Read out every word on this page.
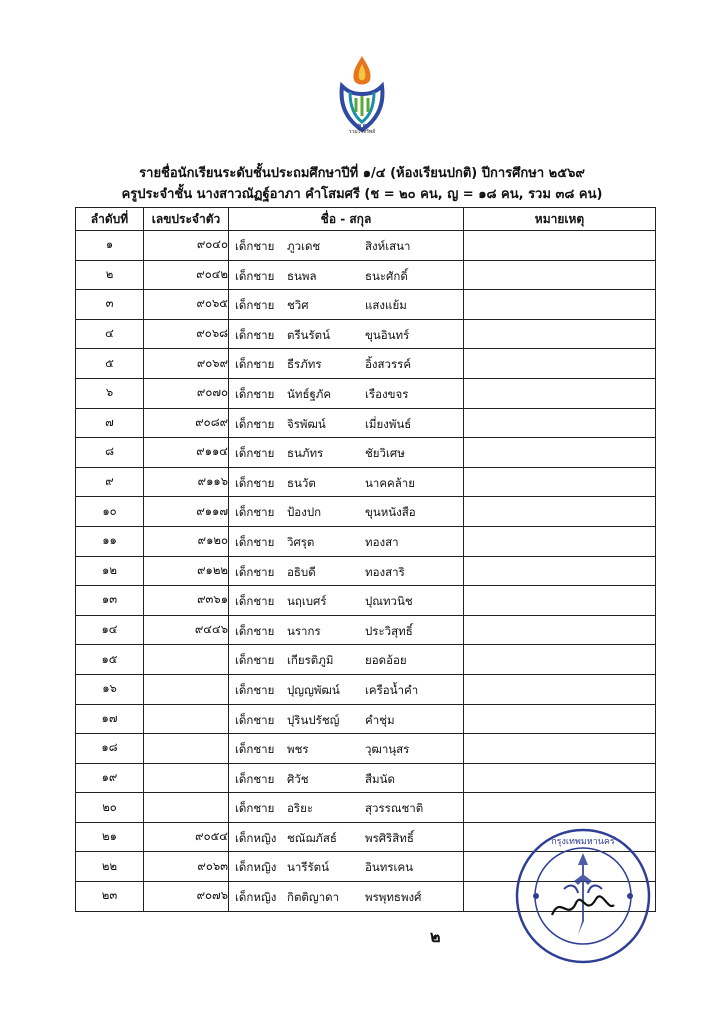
๑๑
รวมไว้ทรัพย์
รายชื่อนักเรียนระดับชั้นประถมศึกษาปีที่ ๑/๔ (ห้องเรียนปกติ) ปีการศึกษา ๒๕๖๙
ครูประจำชั้น นางสาวณัฏฐ์อาภา คำโสมศรี (ช = ๒๐ คน, ญ = ๑๘ คน, รวม ๓๘ คน)
ลำดับที่	เลขประจำตัว	ชื่อ - สกุล	หมายเหตุ
๑	๙๐๔๐	เด็กชาย ภูวเดช สิงห์เสนา	

๒	๙๐๔๒	เด็กชาย ธนพล ธนะศักดิ์	

๓	๙๐๖๕	เด็กชาย ชวิศ แสงแย้ม	

๔	๙๐๖๘	เด็กชาย ตรีนรัตน์ ขุนอินทร์	

๕	๙๐๖๙	เด็กชาย ธีรภัทร อิ้งสวรรค์	

๖	๙๐๗๐	เด็กชาย นัทธ์ฐภัค เรืองขจร	

๗	๙๐๘๙	เด็กชาย จิรพัฒน์ เมี่ยงพันธ์	

๘	๙๑๑๔	เด็กชาย ธนภัทร ชัยวิเศษ	

๙	๙๑๑๖	เด็กชาย ธนวัต นาคคล้าย	

๑๐	๙๑๑๗	เด็กชาย ป้องปก ขุนหนังสือ	

๑๑	๙๑๒๐	เด็กชาย วิศรุต ทองสา	

๑๒	๙๑๒๒	เด็กชาย อธิบดี ทองสาริ	

๑๓	๙๓๖๑	เด็กชาย นฤเบศร์ ปุณทวนิช	

๑๔	๙๔๔๖	เด็กชาย นรากร ประวิสุทธิ์	

๑๕		เด็กชาย เกียรติภูมิ ยอดอ้อย	

๑๖		เด็กชาย ปุญญพัฒน์ เครือน้ำคำ	

๑๗		เด็กชาย ปุรินปรัชญ์ คำชุ่ม	

๑๘		เด็กชาย พชร วุฒานุสร	

๑๙		เด็กชาย ศิวัช สืมนัด	

๒๐		เด็กชาย อริยะ สุวรรณชาติ	

๒๑	๙๐๕๔	เด็กหญิง ชณัฌภัสธ์ พรศิริสิทธิ์	

๒๒	๙๐๖๓	เด็กหญิง นารีรัตน์ อินทรเคน	

๒๓	๙๐๗๖	เด็กหญิง กิตติญาดา พรพุทธพงศ์	

กรุงเทพมหานคร
๒
